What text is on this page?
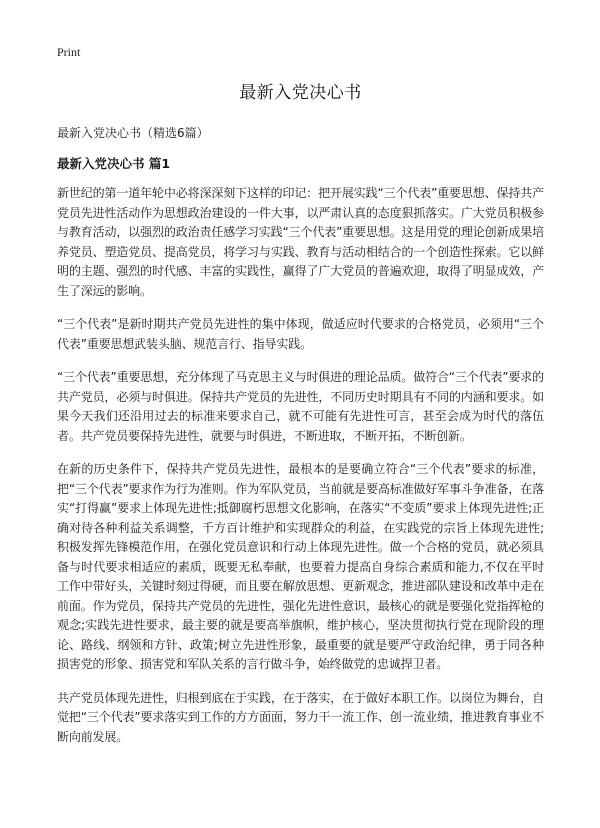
Print
最新入党决心书
最新入党决心书（精选6篇）
最新入党决心书 篇1

新世纪的第一道年轮中必将深深刻下这样的印记：把开展实践“三个代表”重要思想、保持共产党员先进性活动作为思想政治建设的一件大事，以严肃认真的态度狠抓落实。广大党员积极参与教育活动，以强烈的政治责任感学习实践“三个代表”重要思想。这是用党的理论创新成果培养党员、塑造党员、提高党员，将学习与实践、教育与活动相结合的一个创造性探索。它以鲜明的主题、强烈的时代感、丰富的实践性，赢得了广大党员的普遍欢迎，取得了明显成效，产生了深远的影响。

“三个代表”是新时期共产党员先进性的集中体现，做适应时代要求的合格党员，必须用“三个代表”重要思想武装头脑、规范言行、指导实践。

“三个代表”重要思想，充分体现了马克思主义与时俱进的理论品质。做符合“三个代表”要求的共产党员，必须与时俱进。保持共产党员的先进性，不同历史时期具有不同的内涵和要求。如果今天我们还沿用过去的标准来要求自己，就不可能有先进性可言，甚至会成为时代的落伍者。共产党员要保持先进性，就要与时俱进，不断进取，不断开拓，不断创新。

在新的历史条件下，保持共产党员先进性，最根本的是要确立符合“三个代表”要求的标准，把“三个代表”要求作为行为准则。作为军队党员，当前就是要高标准做好军事斗争准备，在落实“打得赢”要求上体现先进性;抵御腐朽思想文化影响，在落实“不变质”要求上体现先进性;正确对待各种利益关系调整，千方百计维护和实现群众的利益，在实践党的宗旨上体现先进性;积极发挥先锋模范作用，在强化党员意识和行动上体现先进性。做一个合格的党员，就必须具备与时代要求相适应的素质，既要无私奉献，也要着力提高自身综合素质和能力,不仅在平时工作中带好头，关键时刻过得硬，而且要在解放思想、更新观念，推进部队建设和改革中走在前面。作为党员，保持共产党员的先进性，强化先进性意识，最核心的就是要强化党指挥枪的观念;实践先进性要求，最主要的就是要高举旗帜，维护核心，坚决贯彻执行党在现阶段的理论、路线、纲领和方针、政策;树立先进性形象，最重要的就是要严守政治纪律，勇于同各种损害党的形象、损害党和军队关系的言行做斗争，始终做党的忠诚捍卫者。

共产党员体现先进性，归根到底在于实践，在于落实，在于做好本职工作。以岗位为舞台，自觉把“三个代表”要求落实到工作的方方面面，努力干一流工作、创一流业绩，推进教育事业不断向前发展。
